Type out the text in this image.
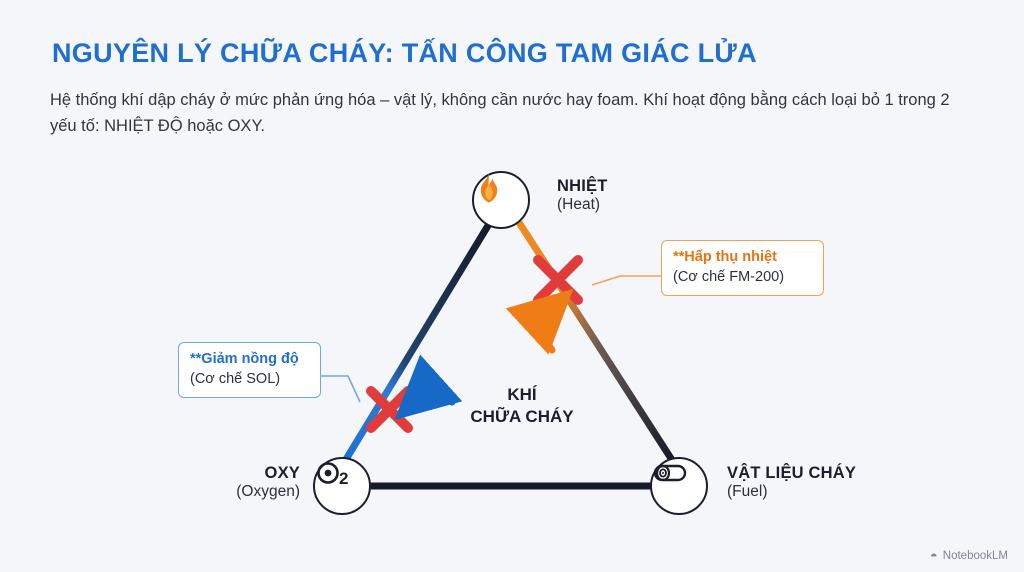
NGUYÊN LÝ CHỮA CHÁY: TẤN CÔNG TAM GIÁC LỬA
Hệ thống khí dập cháy ở mức phản ứng hóa – vật lý, không cần nước hay foam. Khí hoạt động bằng cách loại bỏ 1 trong 2 yếu tố: NHIỆT ĐỘ hoặc OXY.
2
NHIỆT
(Heat)
OXY
(Oxygen)
VẬT LIỆU CHÁY
(Fuel)
KHÍ
CHỮA CHÁY
**Hấp thụ nhiệt
(Cơ chế FM-200)
**Giảm nồng độ
(Cơ chế SOL)
◓ NotebookLM
